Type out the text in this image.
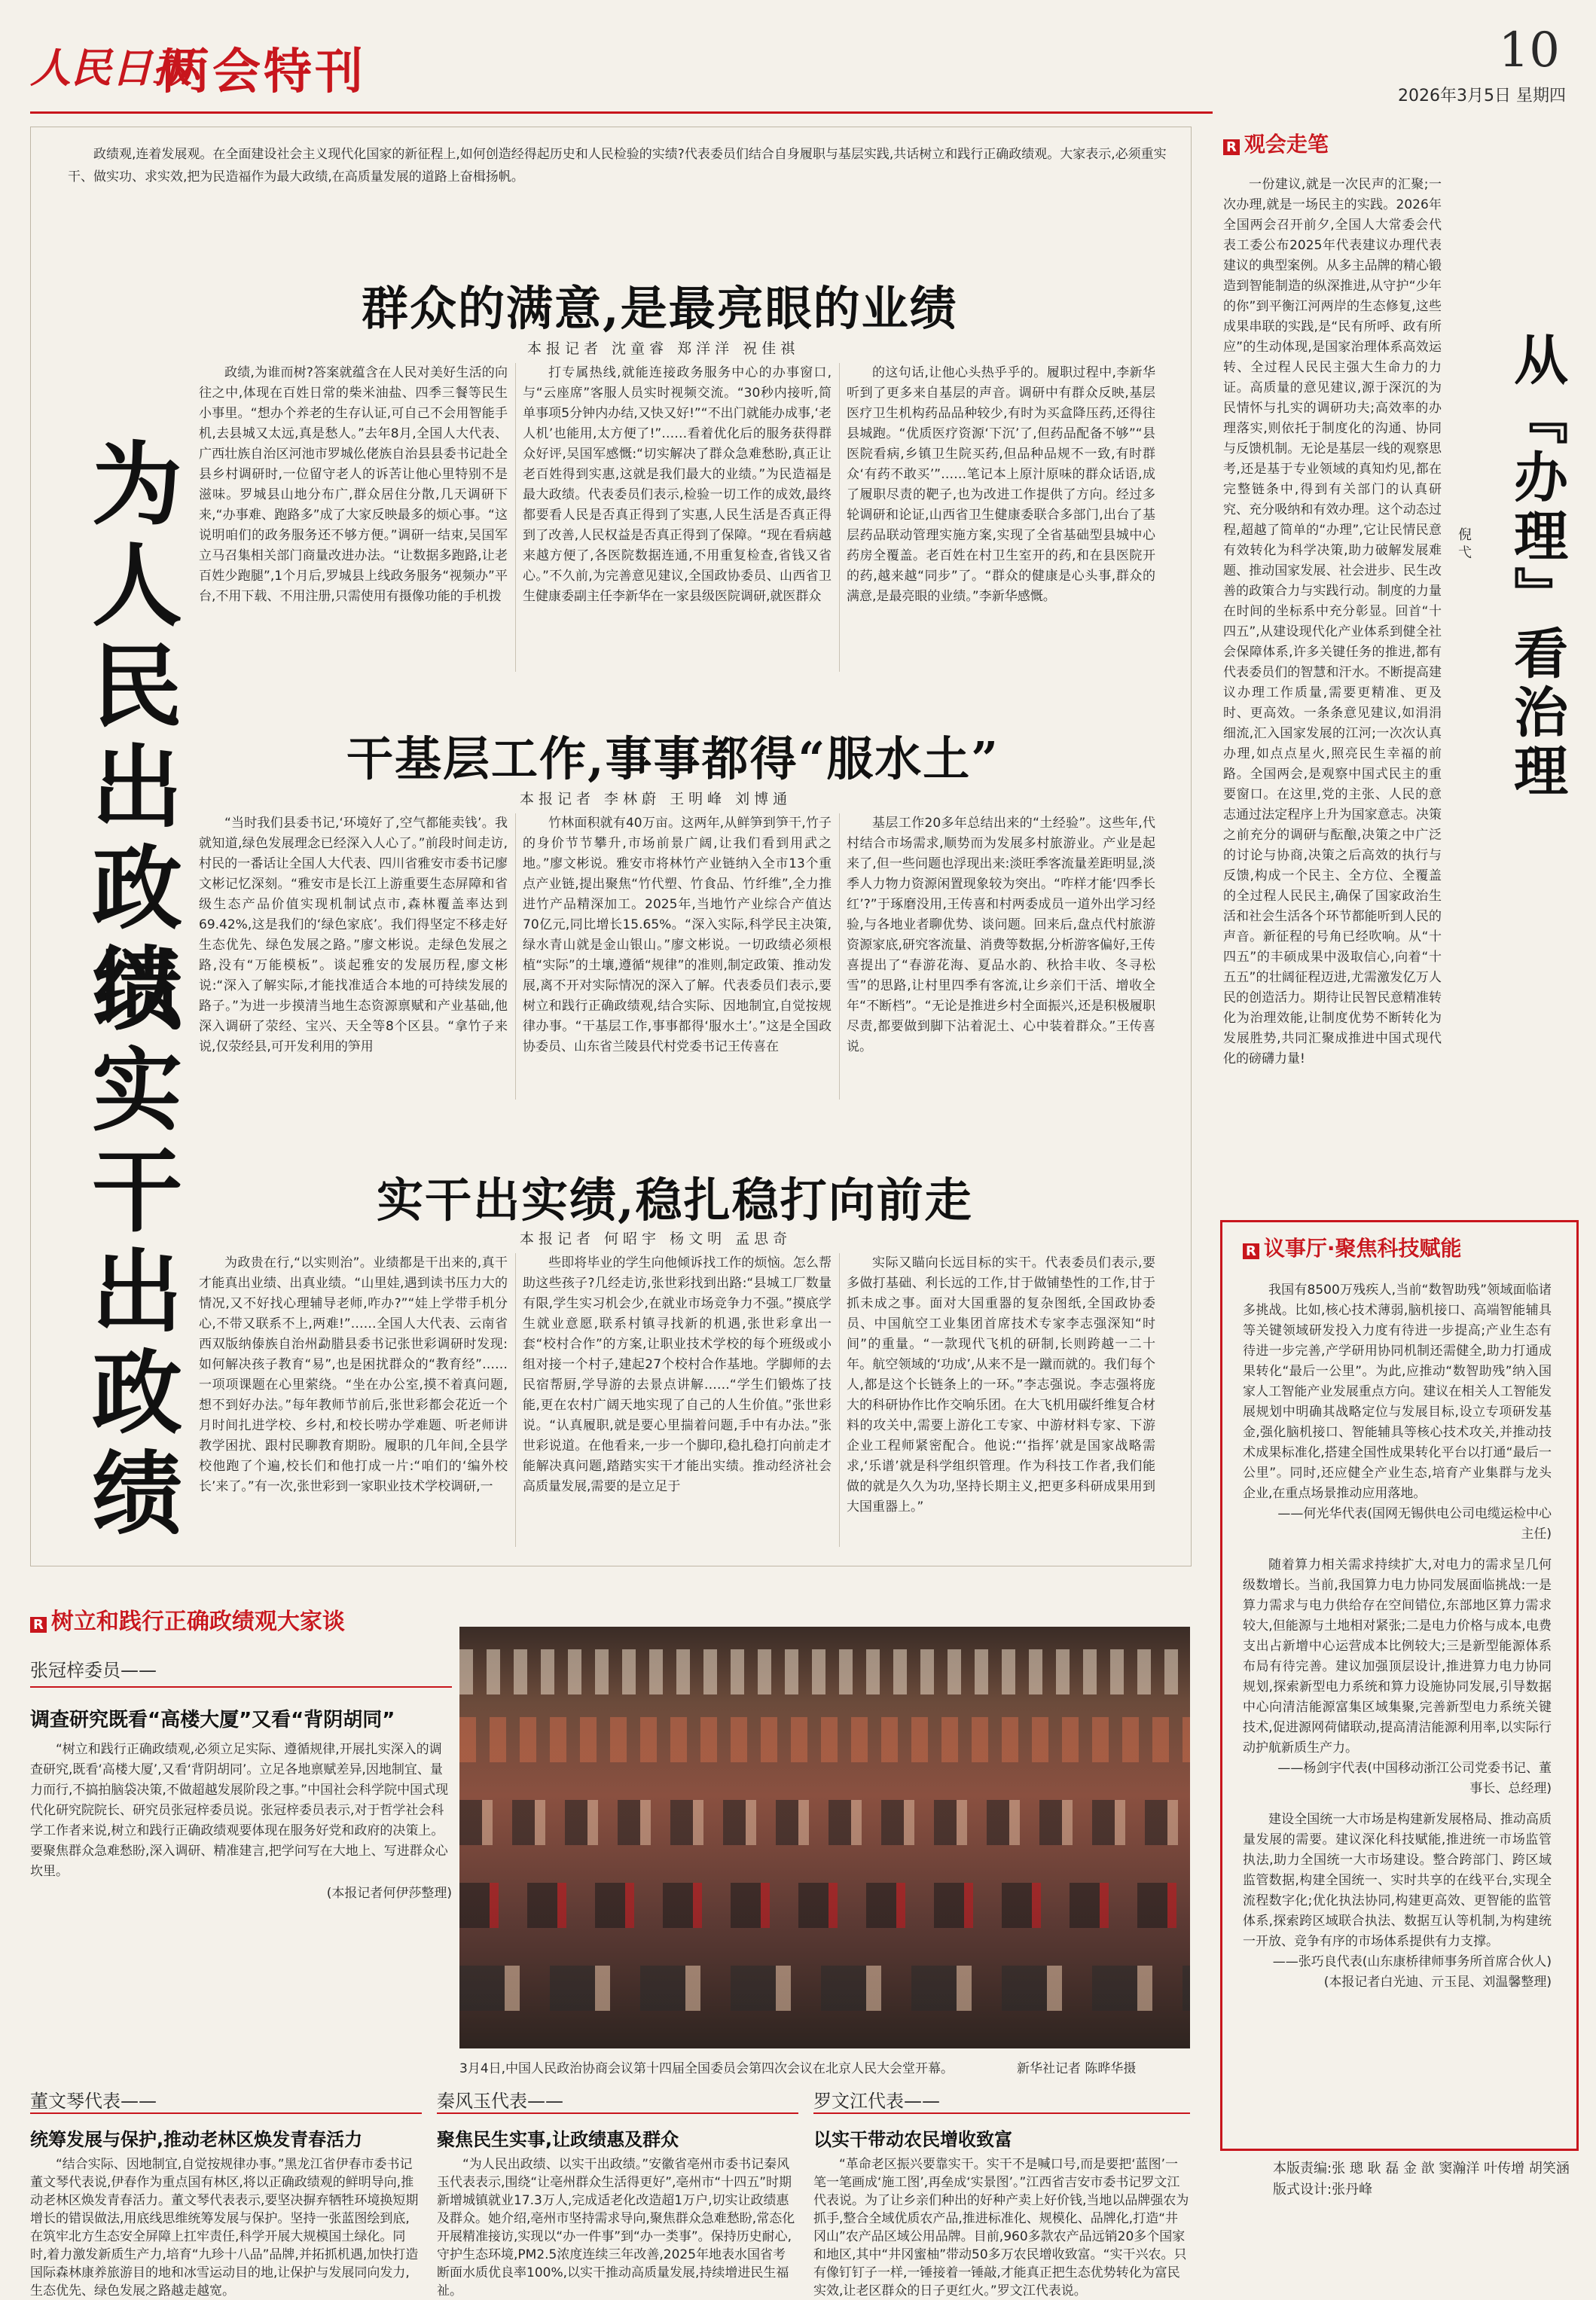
人民日报
两会特刊	10
2026年3月5日 星期四
政绩观,连着发展观。在全面建设社会主义现代化国家的新征程上,如何创造经得起历史和人民检验的实绩?代表委员们结合自身履职与基层实践,共话树立和践行正确政绩观。大家表示,必须重实干、做实功、求实效,把为民造福作为最大政绩,在高质量发展的道路上奋楫扬帆。
为人民出政绩
以实干出政绩
群众的满意,是最亮眼的业绩
本报记者 沈童睿 郑洋洋 祝佳祺

政绩,为谁而树?答案就蕴含在人民对美好生活的向往之中,体现在百姓日常的柴米油盐、四季三餐等民生小事里。“想办个养老的生存认证,可自己不会用智能手机,去县城又太远,真是愁人。”去年8月,全国人大代表、广西壮族自治区河池市罗城仫佬族自治县县委书记赴全县乡村调研时,一位留守老人的诉苦让他心里特别不是滋味。罗城县山地分布广,群众居住分散,几天调研下来,“办事难、跑路多”成了大家反映最多的烦心事。“这说明咱们的政务服务还不够方便。”调研一结束,吴国军立马召集相关部门商量改进办法。“让数据多跑路,让老百姓少跑腿”,1个月后,罗城县上线政务服务“视频办”平台,不用下载、不用注册,只需使用有摄像功能的手机拨

打专属热线,就能连接政务服务中心的办事窗口,与“云座席”客服人员实时视频交流。“30秒内接听,简单事项5分钟内办结,又快又好!”“不出门就能办成事,‘老人机’也能用,太方便了!”……看着优化后的服务获得群众好评,吴国军感慨:“切实解决了群众急难愁盼,真正让老百姓得到实惠,这就是我们最大的业绩。”为民造福是最大政绩。代表委员们表示,检验一切工作的成效,最终都要看人民是否真正得到了实惠,人民生活是否真正得到了改善,人民权益是否真正得到了保障。“现在看病越来越方便了,各医院数据连通,不用重复检查,省钱又省心。”不久前,为完善意见建议,全国政协委员、山西省卫生健康委副主任李新华在一家县级医院调研,就医群众

的这句话,让他心头热乎乎的。履职过程中,李新华听到了更多来自基层的声音。调研中有群众反映,基层医疗卫生机构药品品种较少,有时为买盒降压药,还得往县城跑。“优质医疗资源‘下沉’了,但药品配备不够”“县医院看病,乡镇卫生院买药,但品种品规不一致,有时群众‘有药不敢买’”……笔记本上原汁原味的群众话语,成了履职尽责的靶子,也为改进工作提供了方向。经过多轮调研和论证,山西省卫生健康委联合多部门,出台了基层药品联动管理实施方案,实现了全省基础型县城中心药房全覆盖。老百姓在村卫生室开的药,和在县医院开的药,越来越“同步”了。“群众的健康是心头事,群众的满意,是最亮眼的业绩。”李新华感慨。

干基层工作,事事都得“服水土”
本报记者 李林蔚 王明峰 刘博通

“当时我们县委书记,‘环境好了,空气都能卖钱’。我就知道,绿色发展理念已经深入人心了。”前段时间走访,村民的一番话让全国人大代表、四川省雅安市委书记廖文彬记忆深刻。“雅安市是长江上游重要生态屏障和省级生态产品价值实现机制试点市,森林覆盖率达到69.42%,这是我们的‘绿色家底’。我们得坚定不移走好生态优先、绿色发展之路。”廖文彬说。走绿色发展之路,没有“万能模板”。谈起雅安的发展历程,廖文彬说:“深入了解实际,才能找准适合本地的可持续发展的路子。”为进一步摸清当地生态资源禀赋和产业基础,他深入调研了荥经、宝兴、天全等8个区县。“拿竹子来说,仅荥经县,可开发利用的笋用

竹林面积就有40万亩。这两年,从鲜笋到笋干,竹子的身价节节攀升,市场前景广阔,让我们看到用武之地。”廖文彬说。雅安市将林竹产业链纳入全市13个重点产业链,提出聚焦“竹代塑、竹食品、竹纤维”,全力推进竹产品精深加工。2025年,当地竹产业综合产值达70亿元,同比增长15.65%。“深入实际,科学民主决策,绿水青山就是金山银山。”廖文彬说。一切政绩必须根植“实际”的土壤,遵循“规律”的准则,制定政策、推动发展,离不开对实际情况的深入了解。代表委员们表示,要树立和践行正确政绩观,结合实际、因地制宜,自觉按规律办事。“干基层工作,事事都得‘服水土’。”这是全国政协委员、山东省兰陵县代村党委书记王传喜在

基层工作20多年总结出来的“土经验”。这些年,代村结合市场需求,顺势而为发展多村旅游业。产业是起来了,但一些问题也浮现出来:淡旺季客流量差距明显,淡季人力物力资源闲置现象较为突出。“咋样才能‘四季长红’?”于琢磨没用,王传喜和村两委成员一道外出学习经验,与各地业者聊优势、谈问题。回来后,盘点代村旅游资源家底,研究客流量、消费等数据,分析游客偏好,王传喜提出了“春游花海、夏品水韵、秋拾丰收、冬寻松雪”的思路,让村里四季有客流,让乡亲们干活、增收全年“不断档”。“无论是推进乡村全面振兴,还是积极履职尽责,都要做到脚下沾着泥土、心中装着群众。”王传喜说。

实干出实绩,稳扎稳打向前走
本报记者 何昭宇 杨文明 孟思奇

为政贵在行,“以实则治”。业绩都是干出来的,真干才能真出业绩、出真业绩。“山里娃,遇到读书压力大的情况,又不好找心理辅导老师,咋办?”“娃上学带手机分心,不带又联系不上,两难!”……全国人大代表、云南省西双版纳傣族自治州勐腊县委书记张世彩调研时发现:如何解决孩子教育“易”,也是困扰群众的“教育经”……一项项课题在心里萦绕。“坐在办公室,摸不着真问题,想不到好办法。”每年教师节前后,张世彩都会花近一个月时间扎进学校、乡村,和校长唠办学难题、听老师讲教学困扰、跟村民聊教育期盼。履职的几年间,全县学校他跑了个遍,校长们和他打成一片:“咱们的‘编外校长’来了。”有一次,张世彩到一家职业技术学校调研,一

些即将毕业的学生向他倾诉找工作的烦恼。怎么帮助这些孩子?几经走访,张世彩找到出路:“县城工厂数量有限,学生实习机会少,在就业市场竞争力不强。”摸底学生就业意愿,联系村镇寻找新的机遇,张世彩拿出一套“校村合作”的方案,让职业技术学校的每个班级或小组对接一个村子,建起27个校村合作基地。学脚师的去民宿帮厨,学导游的去景点讲解……“学生们锻炼了技能,更在农村广阔天地实现了自己的人生价值。”张世彩说。“认真履职,就是要心里揣着问题,手中有办法。”张世彩说道。在他看来,一步一个脚印,稳扎稳打向前走才能解决真问题,踏踏实实干才能出实绩。推动经济社会高质量发展,需要的是立足于

实际又瞄向长远目标的实干。代表委员们表示,要多做打基础、利长远的工作,甘于做铺垫性的工作,甘于抓未成之事。面对大国重器的复杂图纸,全国政协委员、中国航空工业集团首席技术专家李志强深知“时间”的重量。“一款现代飞机的研制,长则跨越一二十年。航空领域的‘功成’,从来不是一蹴而就的。我们每个人,都是这个长链条上的一环。”李志强说。李志强将庞大的科研协作比作交响乐团。在大飞机用碳纤维复合材料的攻关中,需要上游化工专家、中游材料专家、下游企业工程师紧密配合。他说:“‘指挥’就是国家战略需求,‘乐谱’就是科学组织管理。作为科技工作者,我们能做的就是久久为功,坚持长期主义,把更多科研成果用到大国重器上。”

R 树立和践行正确政绩观大家谈
张冠梓委员——
调查研究既看“高楼大厦”又看“背阴胡同”
“树立和践行正确政绩观,必须立足实际、遵循规律,开展扎实深入的调查研究,既看‘高楼大厦’,又看‘背阴胡同’。立足各地禀赋差异,因地制宜、量力而行,不搞拍脑袋决策,不做超越发展阶段之事。”中国社会科学院中国式现代化研究院院长、研究员张冠梓委员说。张冠梓委员表示,对于哲学社会科学工作者来说,树立和践行正确政绩观要体现在服务好党和政府的决策上。要聚焦群众急难愁盼,深入调研、精准建言,把学问写在大地上、写进群众心坎里。
(本报记者何伊莎整理)
3月4日,中国人民政治协商会议第十四届全国委员会第四次会议在北京人民大会堂开幕。	新华社记者 陈晔华摄
董文琴代表——
统筹发展与保护,推动老林区焕发青春活力
“结合实际、因地制宜,自觉按规律办事。”黑龙江省伊春市委书记董文琴代表说,伊春作为重点国有林区,将以正确政绩观的鲜明导向,推动老林区焕发青春活力。董文琴代表表示,要坚决摒弃牺牲环境换短期增长的错误做法,用底线思维统筹发展与保护。坚持一张蓝图绘到底,在筑牢北方生态安全屏障上扛牢责任,科学开展大规模国土绿化。同时,着力激发新质生产力,培育“九珍十八品”品牌,并拓抓机遇,加快打造国际森林康养旅游目的地和冰雪运动目的地,让保护与发展同向发力,生态优先、绿色发展之路越走越宽。
秦风玉代表——
聚焦民生实事,让政绩惠及群众
“为人民出政绩、以实干出政绩。”安徽省亳州市委书记秦风玉代表表示,围绕“让亳州群众生活得更好”,亳州市“十四五”时期新增城镇就业17.3万人,完成适老化改造超1万户,切实让政绩惠及群众。她介绍,亳州市坚持需求导向,聚焦群众急难愁盼,常态化开展精准接访,实现以“办一件事”到“办一类事”。保持历史耐心,守护生态环境,PM2.5浓度连续三年改善,2025年地表水国省考断面水质优良率100%,以实干推动高质量发展,持续增进民生福祉。
罗文江代表——
以实干带动农民增收致富
“革命老区振兴要靠实干。实干不是喊口号,而是要把‘蓝图’一笔一笔画成‘施工图’,再垒成‘实景图’。”江西省吉安市委书记罗文江代表说。为了让乡亲们种出的好种产卖上好价钱,当地以品牌强农为抓手,整合全域优质农产品,推进标准化、规模化、品牌化,打造“井冈山”农产品区域公用品牌。目前,960多款农产品远销20多个国家和地区,其中“井冈蜜柚”带动50多万农民增收致富。“实干兴农。只有像钉钉子一样,一锤接着一锤敲,才能真正把生态优势转化为富民实效,让老区群众的日子更红火。”罗文江代表说。
R 观会走笔
从『办理』看治理
倪 弋

一份建议,就是一次民声的汇聚;一次办理,就是一场民主的实践。2026年全国两会召开前夕,全国人大常委会代表工委公布2025年代表建议办理代表建议的典型案例。从多主品牌的精心锻造到智能制造的纵深推进,从守护“少年的你”到平衡江河两岸的生态修复,这些成果串联的实践,是“民有所呼、政有所应”的生动体现,是国家治理体系高效运转、全过程人民民主强大生命力的力证。高质量的意见建议,源于深沉的为民情怀与扎实的调研功夫;高效率的办理落实,则依托于制度化的沟通、协同与反馈机制。无论是基层一线的观察思考,还是基于专业领域的真知灼见,都在完整链条中,得到有关部门的认真研究、充分吸纳和有效办理。这个动态过程,超越了简单的“办理”,它让民情民意有效转化为科学决策,助力破解发展难题、推动国家发展、社会进步、民生改善的政策合力与实践行动。制度的力量在时间的坐标系中充分彰显。回首“十四五”,从建设现代化产业体系到健全社会保障体系,许多关键任务的推进,都有代表委员们的智慧和汗水。不断提高建议办理工作质量,需要更精准、更及时、更高效。一条条意见建议,如涓涓细流,汇入国家发展的江河;一次次认真办理,如点点星火,照亮民生幸福的前路。全国两会,是观察中国式民主的重要窗口。在这里,党的主张、人民的意志通过法定程序上升为国家意志。决策之前充分的调研与酝酿,决策之中广泛的讨论与协商,决策之后高效的执行与反馈,构成一个民主、全方位、全覆盖的全过程人民民主,确保了国家政治生活和社会生活各个环节都能听到人民的声音。新征程的号角已经吹响。从“十四五”的丰硕成果中汲取信心,向着“十五五”的壮阔征程迈进,尤需激发亿万人民的创造活力。期待让民智民意精准转化为治理效能,让制度优势不断转化为发展胜势,共同汇聚成推进中国式现代化的磅礴力量!

R 议事厅·聚焦科技赋能

我国有8500万残疾人,当前“数智助残”领域面临诸多挑战。比如,核心技术薄弱,脑机接口、高端智能辅具等关键领域研发投入力度有待进一步提高;产业生态有待进一步完善,产学研用协同机制还需健全,助力打通成果转化“最后一公里”。为此,应推动“数智助残”纳入国家人工智能产业发展重点方向。建议在相关人工智能发展规划中明确其战略定位与发展目标,设立专项研发基金,强化脑机接口、智能辅具等核心技术攻关,并推动技术成果标准化,搭建全国性成果转化平台以打通“最后一公里”。同时,还应健全产业生态,培育产业集群与龙头企业,在重点场景推动应用落地。

——何光华代表(国网无锡供电公司电缆运检中心主任)

随着算力相关需求持续扩大,对电力的需求呈几何级数增长。当前,我国算力电力协同发展面临挑战:一是算力需求与电力供给存在空间错位,东部地区算力需求较大,但能源与土地相对紧张;二是电力价格与成本,电费支出占新增中心运营成本比例较大;三是新型能源体系布局有待完善。建议加强顶层设计,推进算力电力协同规划,探索新型电力系统和算力设施协同发展,引导数据中心向清洁能源富集区域集聚,完善新型电力系统关键技术,促进源网荷储联动,提高清洁能源利用率,以实际行动护航新质生产力。

——杨剑宇代表(中国移动浙江公司党委书记、董事长、总经理)

建设全国统一大市场是构建新发展格局、推动高质量发展的需要。建议深化科技赋能,推进统一市场监管执法,助力全国统一大市场建设。整合跨部门、跨区域监管数据,构建全国统一、实时共享的在线平台,实现全流程数字化;优化执法协同,构建更高效、更智能的监管体系,探索跨区域联合执法、数据互认等机制,为构建统一开放、竞争有序的市场体系提供有力支撑。

——张巧良代表(山东康桥律师事务所首席合伙人)

(本报记者白光迪、亓玉昆、刘温馨整理)

本版责编:张 璁 耿 磊 金 歆 窦瀚洋 叶传增 胡笑涵
版式设计:张丹峰
